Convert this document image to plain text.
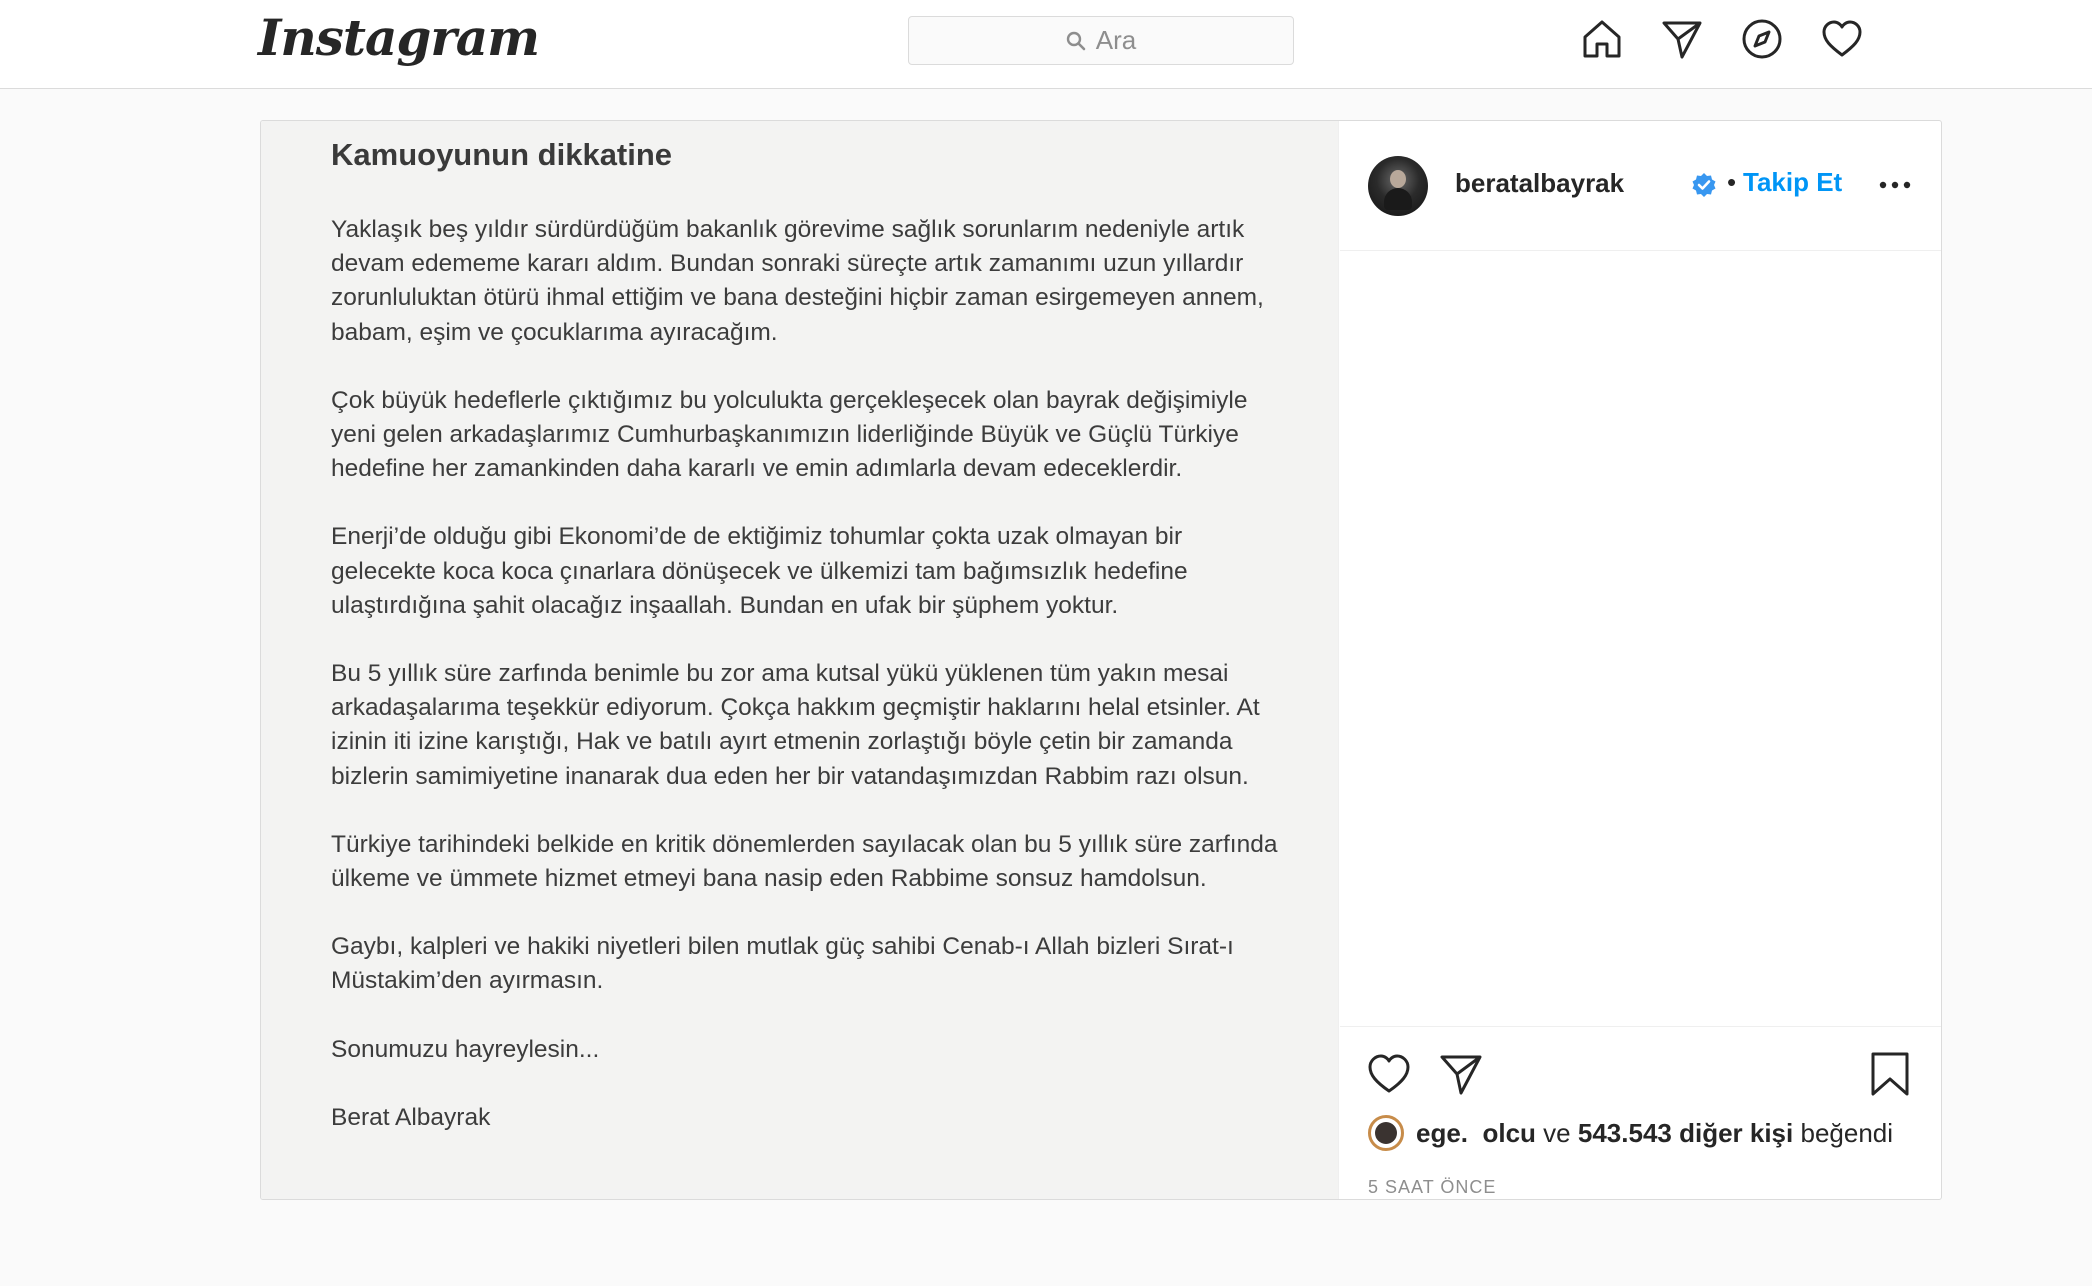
Instagram	Ara
Kamuoyunun dikkatine

Yaklaşık beş yıldır sürdürdüğüm bakanlık görevime sağlık sorunlarım nedeniyle artık devam edememe kararı aldım. Bundan sonraki süreçte artık zamanımı uzun yıllardır zorunluluktan ötürü ihmal ettiğim ve bana desteğini hiçbir zaman esirgemeyen annem, babam, eşim ve çocuklarıma ayıracağım.

Çok büyük hedeflerle çıktığımız bu yolculukta gerçekleşecek olan bayrak değişimiyle yeni gelen arkadaşlarımız Cumhurbaşkanımızın liderliğinde Büyük ve Güçlü Türkiye hedefine her zamankinden daha kararlı ve emin adımlarla devam edeceklerdir.

Enerji’de olduğu gibi Ekonomi’de de ektiğimiz tohumlar çokta uzak olmayan bir gelecekte koca koca çınarlara dönüşecek ve ülkemizi tam bağımsızlık hedefine ulaştırdığına şahit olacağız inşaallah. Bundan en ufak bir şüphem yoktur.

Bu 5 yıllık süre zarfında benimle bu zor ama kutsal yükü yüklenen tüm yakın mesai arkadaşalarıma teşekkür ediyorum. Çokça hakkım geçmiştir haklarını helal etsinler. At izinin iti izine karıştığı, Hak ve batılı ayırt etmenin zorlaştığı böyle çetin bir zamanda bizlerin samimiyetine inanarak dua eden her bir vatandaşımızdan Rabbim razı olsun.

Türkiye tarihindeki belkide en kritik dönemlerden sayılacak olan bu 5 yıllık süre zarfında ülkeme ve ümmete hizmet etmeyi bana nasip eden Rabbime sonsuz hamdolsun.

Gaybı, kalpleri ve hakiki niyetleri bilen mutlak güç sahibi Cenab-ı Allah bizleri Sırat-ı Müstakim’den ayırmasın.

Sonumuzu hayreylesin...

Berat Albayrak

beratalbayrak	• Takip Et
ege.
olcu
ve
543.543 diğer kişi
beğendi
5 SAAT ÖNCE
